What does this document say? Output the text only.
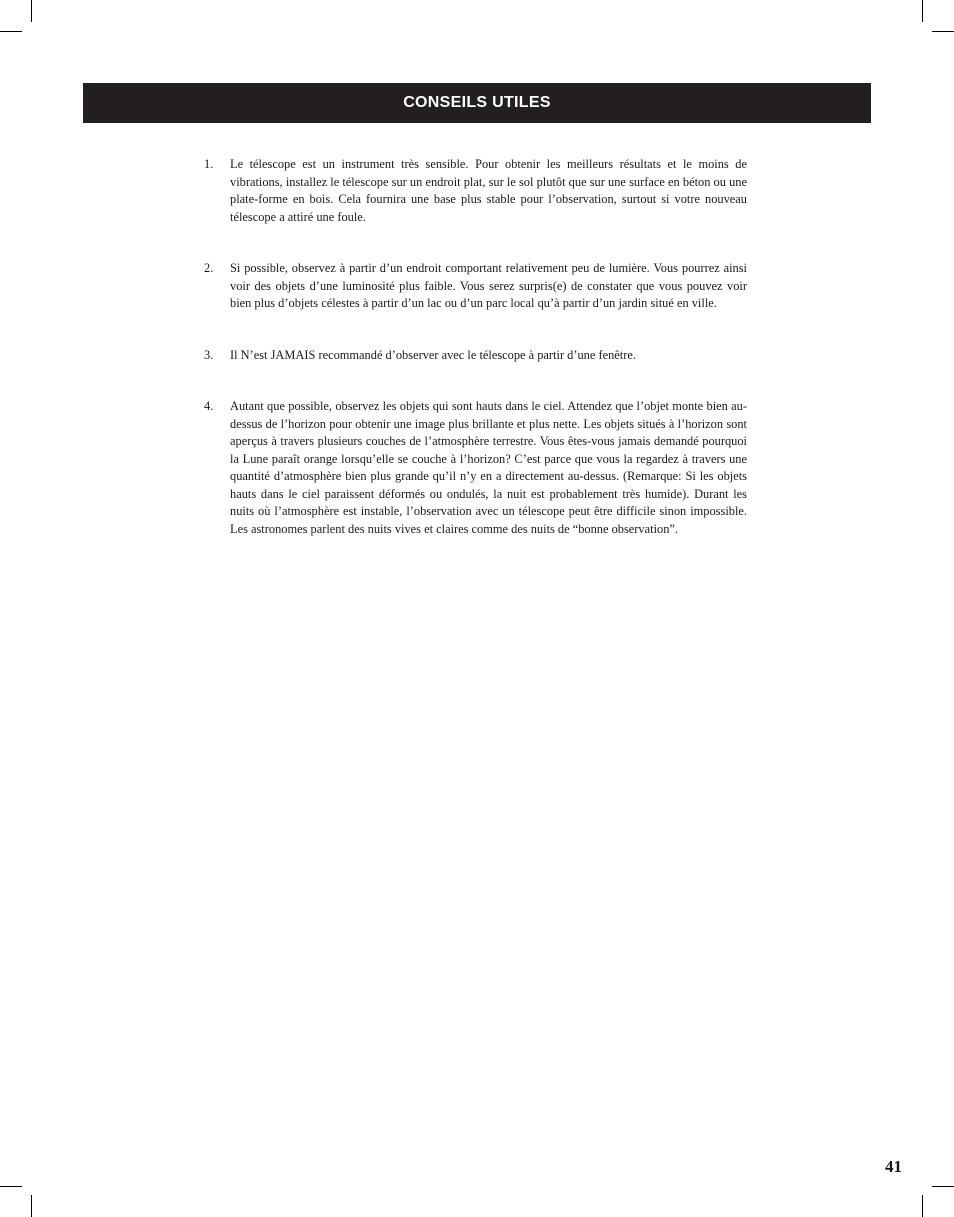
CONSEILS UTILES
1.	Le télescope est un instrument très sensible. Pour obtenir les meilleurs résultats et le moins de vibrations, installez le télescope sur un endroit plat, sur le sol plutôt que sur une surface en béton ou une plate-forme en bois. Cela fournira une base plus stable pour l’observation, surtout si votre nouveau télescope a attiré une foule.
2.	Si possible, observez à partir d’un endroit comportant relativement peu de lumière. Vous pourrez ainsi voir des objets d’une luminosité plus faible. Vous serez surpris(e) de constater que vous pouvez voir bien plus d’objets célestes à partir d’un lac ou d’un parc local qu’à partir d’un jardin situé en ville.
3.	Il N’est JAMAIS recommandé d’observer avec le télescope à partir d’une fenêtre.
4.	Autant que possible, observez les objets qui sont hauts dans le ciel. Attendez que l’objet monte bien au-dessus de l’horizon pour obtenir une image plus brillante et plus nette. Les objets situés à l’horizon sont aperçus à travers plusieurs couches de l’atmosphère terrestre. Vous êtes-vous jamais demandé pourquoi la Lune paraît orange lorsqu’elle se couche à l’horizon? C’est parce que vous la regardez à travers une quantité d’atmosphère bien plus grande qu’il n’y en a directement au-dessus. (Remarque: Si les objets hauts dans le ciel paraissent déformés ou ondulés, la nuit est probablement très humide). Durant les nuits où l’atmosphère est instable, l’observation avec un télescope peut être difficile sinon impossible. Les astronomes parlent des nuits vives et claires comme des nuits de “bonne observation”.
41
